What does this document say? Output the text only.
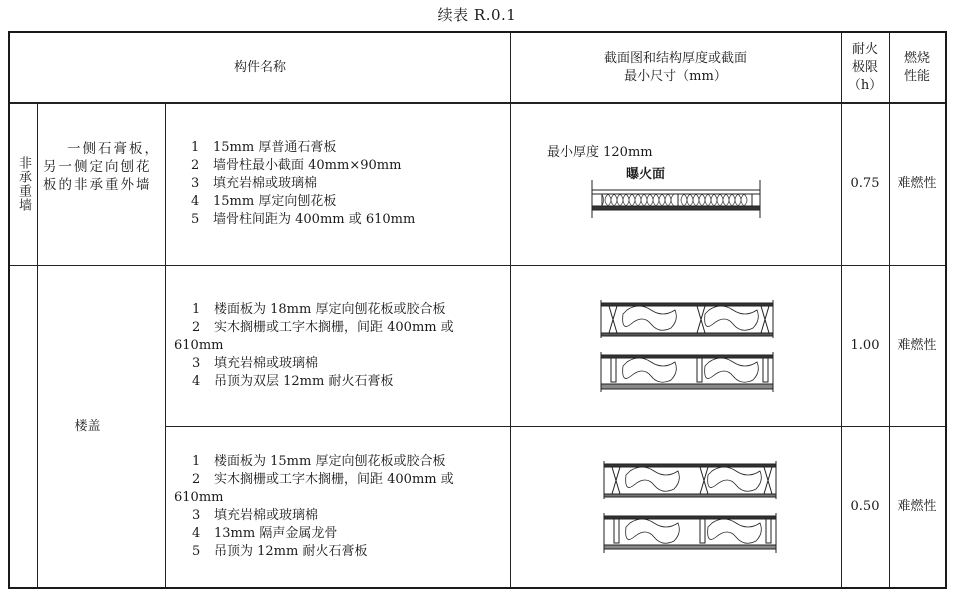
续表 R.0.1
构件名称
截面图和结构厚度或截面
最小尺寸（mm）
耐火
极限
（h）
燃烧
性能
非承重墙
一侧石膏板，另一侧定向刨花板的非承重外墙
1 15mm 厚普通石膏板
2 墙骨柱最小截面 40mm×90mm
3 填充岩棉或玻璃棉
4 15mm 厚定向刨花板
5 墙骨柱间距为 400mm 或 610mm
最小厚度 120mm
曝火面
0.75 难燃性
楼盖
1 楼面板为 18mm 厚定向刨花板或胶合板
2 实木搁栅或工字木搁栅，间距 400mm 或 610mm
3 填充岩棉或玻璃棉
4 吊顶为双层 12mm 耐火石膏板
1.00 难燃性
1 楼面板为 15mm 厚定向刨花板或胶合板
2 实木搁栅或工字木搁栅，间距 400mm 或 610mm
3 填充岩棉或玻璃棉
4 13mm 隔声金属龙骨
5 吊顶为 12mm 耐火石膏板
0.50 难燃性
